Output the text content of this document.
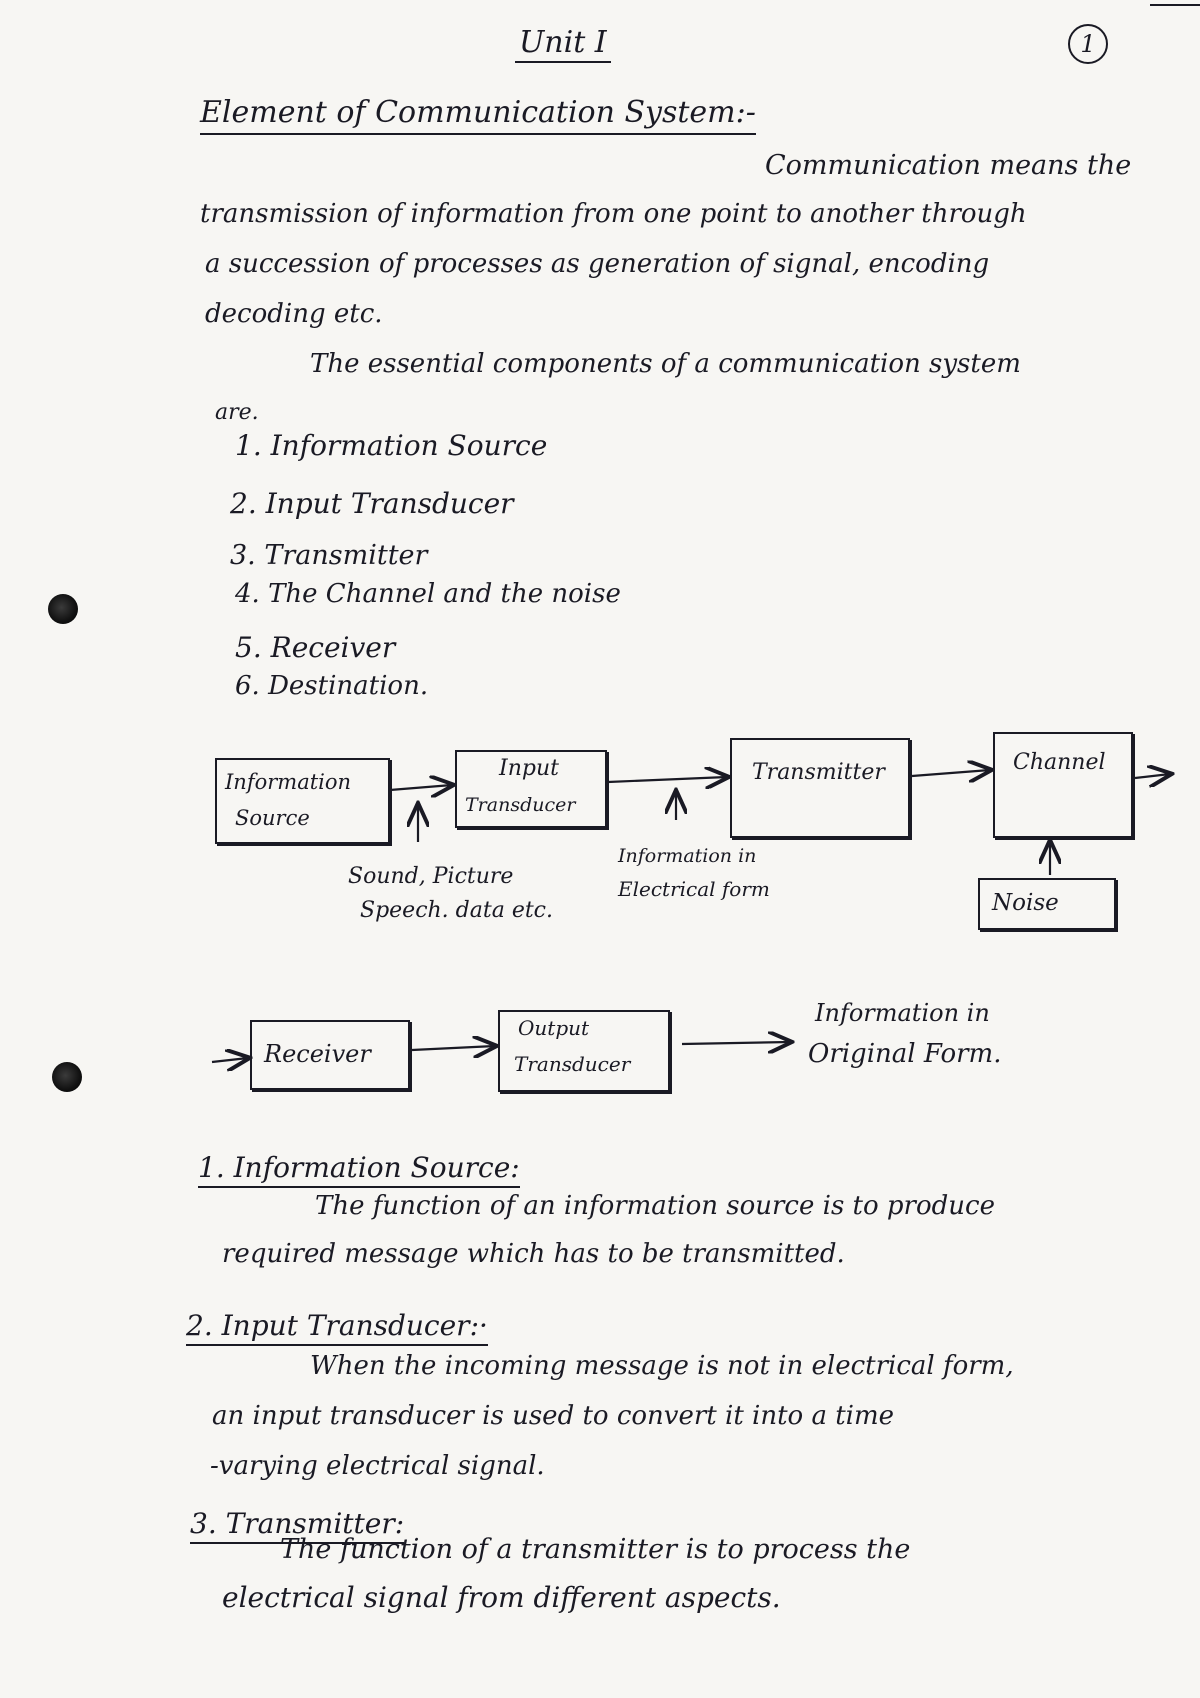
Unit I	1
Element of Communication System:-
Communication means the
transmission of information from one point to another through
a succession of processes as generation of signal, encoding
decoding etc.
The essential components of a communication system
are.
1. Information Source
2. Input Transducer
3. Transmitter
4. The Channel and the noise
5. Receiver
6. Destination.
Information
Source
Input
Transducer
Transmitter	Channel
Noise
Sound, Picture
Speech. data etc.
Information in
Electrical form
Receiver
Output
Transducer
Information in
Original Form.
1. Information Source:
The function of an information source is to produce
required message which has to be transmitted.
2. Input Transducer:·
When the incoming message is not in electrical form,
an input transducer is used to convert it into a time
-varying electrical signal.
3. Transmitter:
The function of a transmitter is to process the
electrical signal from different aspects.
